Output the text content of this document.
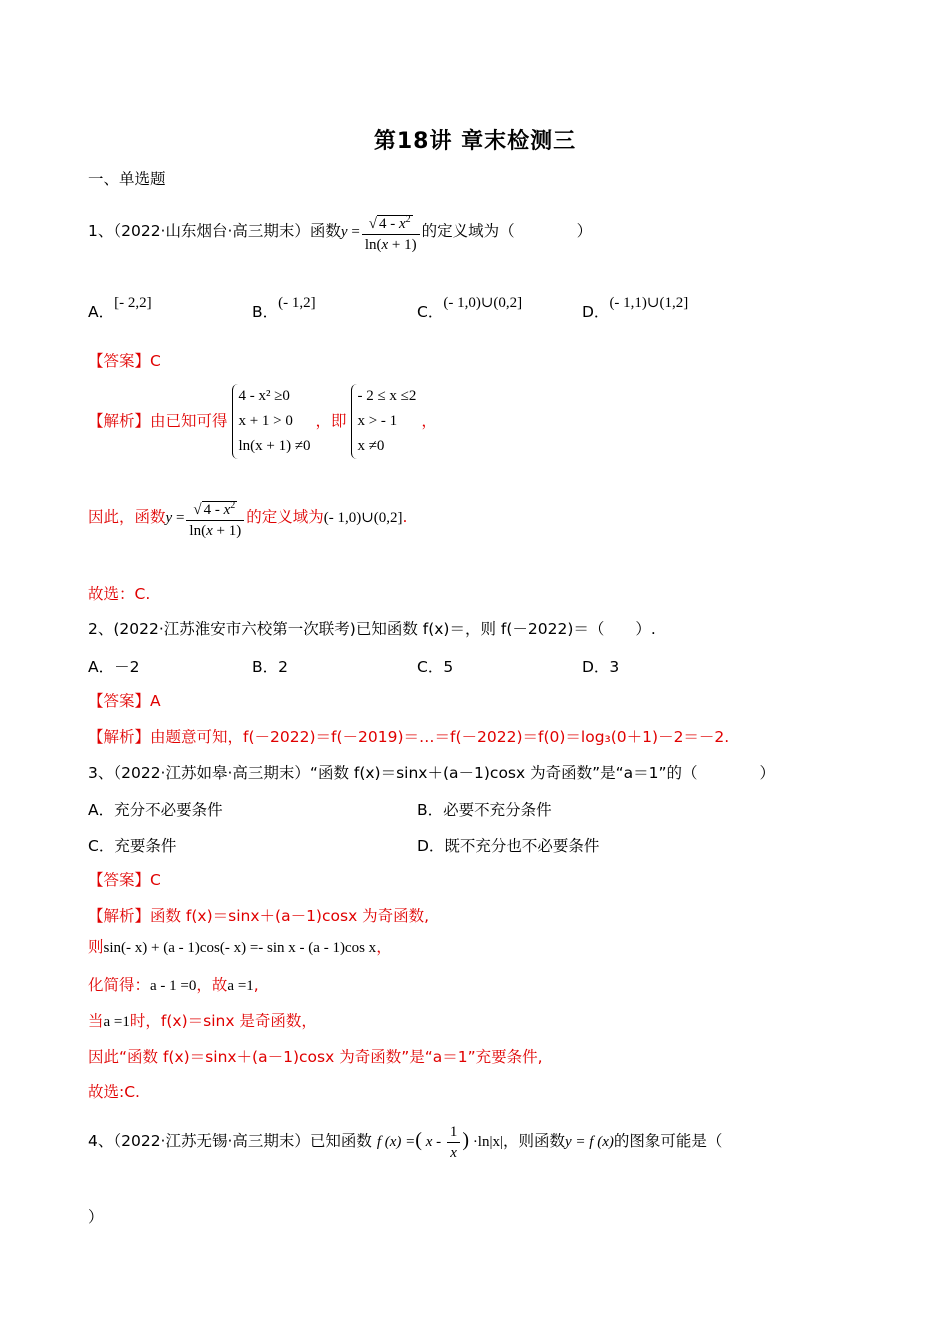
第18讲 章末检测三
一、单选题
1、（2022·山东烟台·高三期末）函数$y = \frac{√ 4 - x^2}{\ln(x + 1)}$ 的定义域为（　　　　）
A．[- 2,2]	B．(- 1,2]	C．(- 1,0)∪(0,2]	D．(- 1,1)∪(1,2]
【答案】C
【解析】由已知可得
4 - x² ≥0
x + 1 > 0
ln(x + 1) ≠0
，即
- 2 ≤ x ≤2
x > - 1
x ≠0
，
因此，函数$y = \frac{√ 4 - x^2}{\ln(x + 1)}$ 的定义域为(- 1,0)∪(0,2].
故选：C.
2、(2022·江苏淮安市六校第一次联考)已知函数 f(x)＝，则 f(－2022)＝（　　）.
A．－2	B．2	C．5	D．3
【答案】A
【解析】由题意可知，f(－2022)＝f(－2019)＝…＝f(－2022)＝f(0)＝log₃(0＋1)－2＝－2.
3、（2022·江苏如皋·高三期末）“函数 f(x)＝sinx＋(a－1)cosx 为奇函数”是“a＝1”的（　　　　）
A．充分不必要条件	B．必要不充分条件
C．充要条件	D．既不充分也不必要条件
【答案】C
【解析】函数 f(x)＝sinx＋(a－1)cosx 为奇函数,
则sin(- x) + (a - 1)cos(- x) =- sin x - (a - 1)cos x，
化简得：a - 1 =0，故a =1,
当a =1时，f(x)＝sinx 是奇函数，
因此“函数 f(x)＝sinx＋(a－1)cosx 为奇函数”是“a＝1”充要条件,
故选:C.
4、（2022·江苏无锡·高三期末）已知函数 f (x) =( x - $\frac{1}{x}$ ) ·ln|x|，则函数y = f (x)的图象可能是（
）
